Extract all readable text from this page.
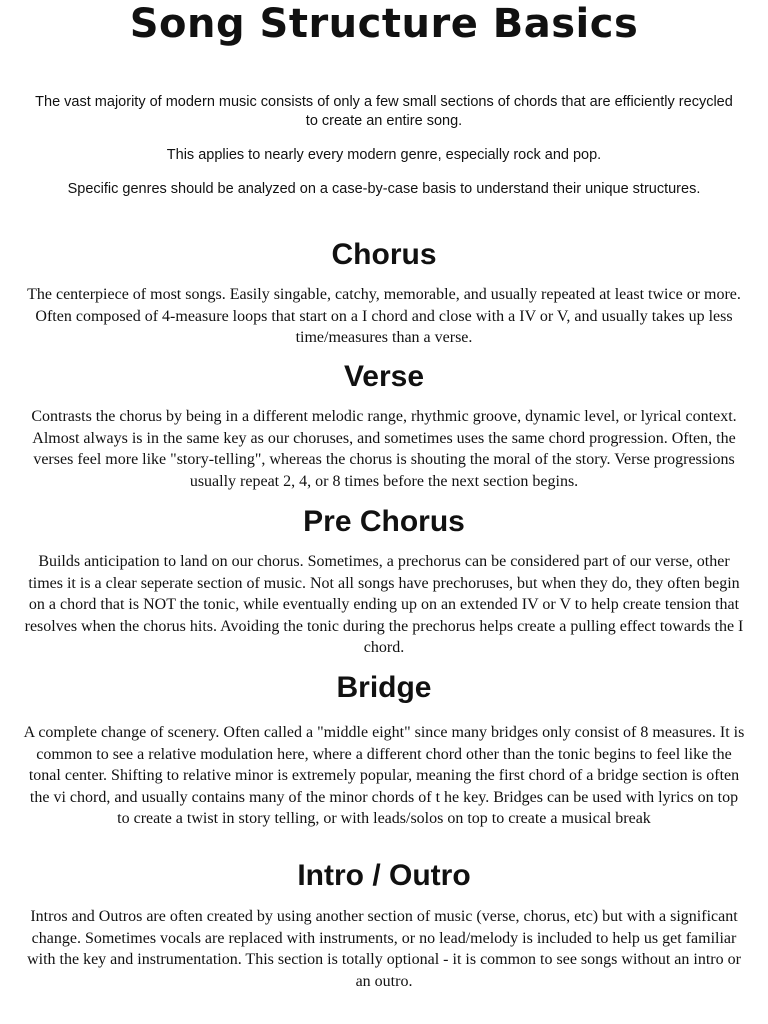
Song Structure Basics

The vast majority of modern music consists of only a few small sections of chords that are efficiently recycled to create an entire song.

This applies to nearly every modern genre, especially rock and pop.

Specific genres should be analyzed on a case-by-case basis to understand their unique structures.

Chorus

The centerpiece of most songs. Easily singable, catchy, memorable, and usually repeated at least twice or more. Often composed of 4-measure loops that start on a I chord and close with a IV or V, and usually takes up less time/measures than a verse.

Verse

Contrasts the chorus by being in a different melodic range, rhythmic groove, dynamic level, or lyrical context. Almost always is in the same key as our choruses, and sometimes uses the same chord progression. Often, the verses feel more like "story-telling", whereas the chorus is shouting the moral of the story. Verse progressions usually repeat 2, 4, or 8 times before the next section begins.

Pre Chorus

Builds anticipation to land on our chorus. Sometimes, a prechorus can be considered part of our verse, other times it is a clear seperate section of music. Not all songs have prechoruses, but when they do, they often begin on a chord that is NOT the tonic, while eventually ending up on an extended IV or V to help create tension that resolves when the chorus hits. Avoiding the tonic during the prechorus helps create a pulling effect towards the I chord.

Bridge

A complete change of scenery. Often called a "middle eight" since many bridges only consist of 8 measures. It is common to see a relative modulation here, where a different chord other than the tonic begins to feel like the tonal center. Shifting to relative minor is extremely popular, meaning the first chord of a bridge section is often the vi chord, and usually contains many of the minor chords of t he key. Bridges can be used with lyrics on top to create a twist in story telling, or with leads/solos on top to create a musical break

Intro / Outro

Intros and Outros are often created by using another section of music (verse, chorus, etc) but with a significant change. Sometimes vocals are replaced with instruments, or no lead/melody is included to help us get familiar with the key and instrumentation. This section is totally optional - it is common to see songs without an intro or an outro.
